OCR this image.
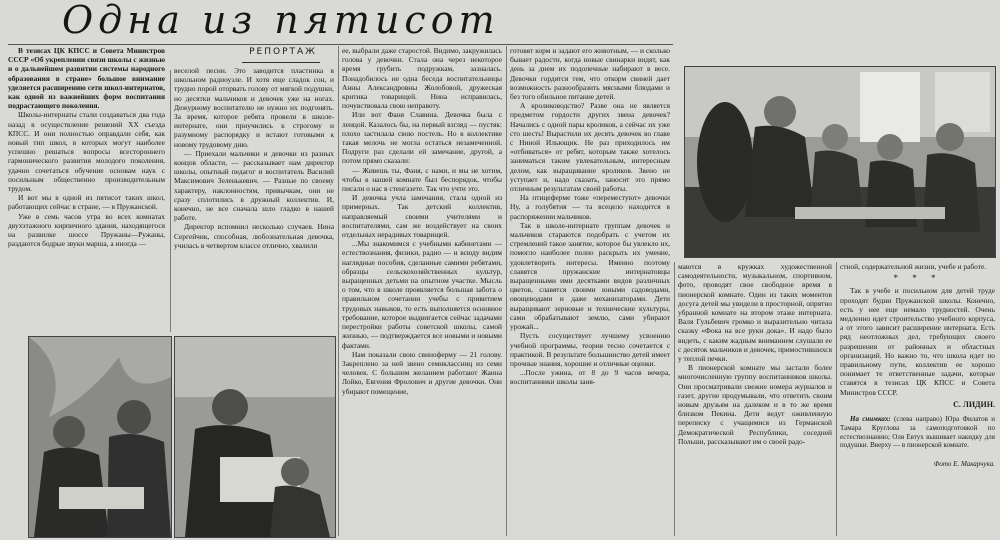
Одна из пятисот
РЕПОРТАЖ

В тезисах ЦК КПСС и Совета Министров СССР «Об укреплении связи школы с жизнью и о дальнейшем развитии системы народного образования в стране» большое внимание уделяется расширению сети школ-интернатов, как одной из важнейших форм воспитания подрастающего поколения.

Школы-интернаты стали создаваться два года назад в осуществление решений XX съезда КПСС. И они полностью оправдали себя, как новый тип школ, в которых могут наиболее успешно решаться вопросы всестороннего гармонического развития молодого поколения, удачно сочетаться обучение основам наук с посильным общественно производительным трудом.

И вот мы в одной из пятисот таких школ, работающих сейчас в стране, — в Пружанской.

Уже в семь часов утра во всех комнатах двухэтажного кирпичного здания, находящегося на развилке шоссе Пружаны—Ружаны, раздаются бодрые звуки марша, а иногда —

веселой песни. Это заводится пластинка в школьном радиоузле. И хотя еще сладок сон, и трудно порой оторвать голову от мягкой подушки, но десятки мальчиков и девочек уже на ногах. Дежурному воспитателю не нужно их подгонять. За время, которое ребята провели в школе-интернате, они приучились к строгому и разумному распорядку и встают готовыми к новому трудовому дню.

— Приехали мальчики и девочки из разных концов области, — рассказывает нам директор школы, опытный педагог и воспитатель Василий Максимович Зеленькевич. — Разные по своему характеру, наклонностям, привычкам, они не сразу сплотились в дружный коллектив. И, конечно, не все сначала шло гладко в нашей работе.

Директор вспомнил несколько случаев. Нина Сергейчик, способная, любознательная девочка, училась в четвертом классе отлично, хвалили

ее, выбрали даже старостой. Видимо, закружилась голова у девочки. Стала она через некоторое время грубить подружкам, зазналась. Понадобилось не одна беседа воспитательницы Анны Александровны Жолобовой, дружеская критика товарищей. Нина исправилась, почувствовала свою неправоту.

Или вот Фаня Славина. Девочка была с ленцой. Казалось бы, на первый взгляд — пустяк: плохо застилала свою постель. Но в коллективе такая мелочь не могла остаться незамеченной. Подруги раз сделали ей замечание, другой, а потом прямо сказали:

— Живешь ты, Фаня, с нами, и мы не хотим, чтобы в нашей комнате был беспорядок, чтобы писали о нас в стенгазете. Так что учти это.

И девочка учла замечания, стала одной из примерных. Так детский коллектив, направляемый своими учителями и воспитателями, сам же воздействует на своих отдельных нерадивых товарищей.

...Мы знакомимся с учебными кабинетами — естествознания, физики, радио — и всюду видим наглядные пособия, сделанные самими ребятами, образцы сельскохозяйственных культур, выращенных детьми на опытном участке. Мысль о том, что в школе проявляется большая забота о правильном сочетании учебы с привитием трудовых навыков, то есть выполняется основное требование, которое выдвигается сейчас задачами перестройки работы советской школы, самой жизнью, — подтверждается все новыми и новыми фактами.

Нам показали свою свиноферму — 21 голову. Закреплено за ней звено семиклассниц из семи человек. С большим желанием работают Жанна Лойко, Евгения Фролович и другие девочки. Они убирают помещение,

готовят корм и задают его животным, — и сколько бывает радости, когда новые свинарки видят, как день за днем их подопечные набирают в весе. Девочки гордятся тем, что откорм свиней дает возможность разнообразить мясными блюдами и без того обильное питание детей.

А кролиководство? Разве она не является предметом гордости других звена девочек? Начались с одной пары кроликов, а сейчас их уже сто шесть! Вырастили их десять девочек во главе с Ниной Ильющик. Не раз приходилось им «отбиваться» от ребят, которым также хотелось заниматься таким увлекательным, интересным делом, как выращивание кроликов. Звено не уступает и, надо сказать, заносит это прямо отличным результатам своей работы.

На птицеферме тоже «переместуют» девочки Ну, а голубятня — та всецело находится в распоряжении мальчиков.

Так в школе-интернате группам девочек и мальчиков стараются подобрать с учетом их стремлений такое занятие, которое бы увлекло их, помогло наиболее полно раскрыть их умение, удовлетворить интересы. Именно поэтому славятся пружанские интернатовцы выращенными ими десятками видов различных цветов, славятся своими юными садоводами, овощеводами и даже механизаторами. Дети выращивают зерновые и технические культуры, сами обрабатывают землю, сами убирают урожай...

Пусть сосуществует лучшему усвоению учебной программы, теория тесно сочетается с практикой. В результате большинство детей имеет прочные знания, хорошие и отличные оценки.

...После ужина, от 8 до 9 часов вечера, воспитанники школы заня-

маются в кружках художественной самодеятельности, музыкальном, спортивном, фото, проводят свое свободное время в пионерской комнате. Один из таких моментов досуга детей мы увидели в просторной, опрятно убранной комнате на втором этаже интерната. Валя Гульбевич громко и выразительно читала сказку «Фока на все руки дока». И надо было видеть, с каким жадным вниманием слушали ее с десяток мальчиков и девочек, примостившихся у теплой печки.

В пионерской комнате мы застали более многочисленную группу воспитанников школы. Они просматривали свежие номера журналов и газет, другие продумывали, что ответить своим новым друзьям на далеком и в то же время близком Пекина. Дети ведут оживленную переписку с учащимися из Германской Демократической Республики, соседней Польши, рассказывают им о своей радо-

стной, содержательной жизни, учебе и работе.

* * *

Так в учебе и посильном для детей труде проходят будни Пружанской школы. Конечно, есть у нее еще немало трудностей. Очень медленно идет строительство учебного корпуса, а от этого зависит расширение интерната. Есть ряд неотложных дел, требующих своего разрешения от районных и областных организаций. Но важно то, что школа идет по правильному пути, коллектив ее хорошо понимает те ответственные задачи, которые ставятся в тезисах ЦК КПСС и Совета Министров СССР.

С. ЛИДИН.

На снимках: (слева направо) Юра Филатов и Тамара Круглова за самоподготовкой по естествознанию; Оля Евтух вышивает накидку для подушки. Вверху — в пионерской комнате.

Фото Е. Макарчука.
